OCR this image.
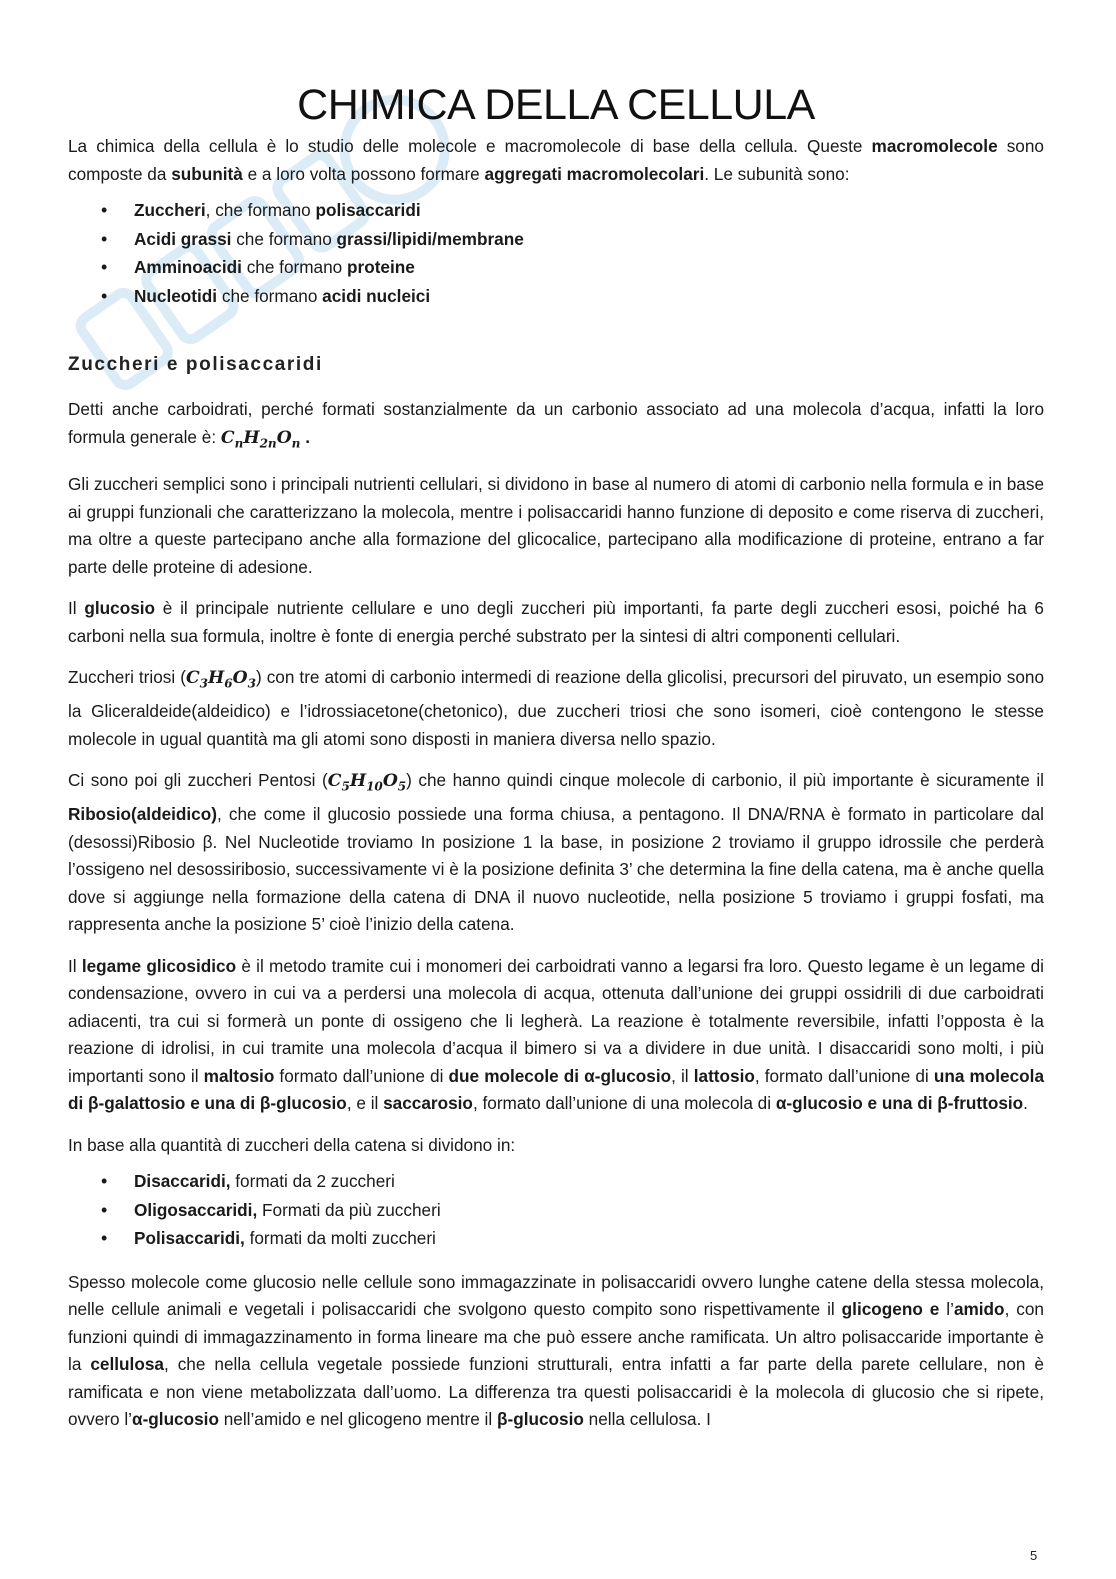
CHIMICA DELLA CELLULA

La chimica della cellula è lo studio delle molecole e macromolecole di base della cellula. Queste macromolecole sono composte da subunità e a loro volta possono formare aggregati macromolecolari. Le subunità sono:

• Zuccheri, che formano polisaccaridi
• Acidi grassi che formano grassi/lipidi/membrane
• Amminoacidi che formano proteine
• Nucleotidi che formano acidi nucleici
Zuccheri e polisaccaridi

Detti anche carboidrati, perché formati sostanzialmente da un carbonio associato ad una molecola d’acqua, infatti la loro formula generale è: $C_nH_{2n}O_n$ .

Gli zuccheri semplici sono i principali nutrienti cellulari, si dividono in base al numero di atomi di carbonio nella formula e in base ai gruppi funzionali che caratterizzano la molecola, mentre i polisaccaridi hanno funzione di deposito e come riserva di zuccheri, ma oltre a queste partecipano anche alla formazione del glicocalice, partecipano alla modificazione di proteine, entrano a far parte delle proteine di adesione.

Il glucosio è il principale nutriente cellulare e uno degli zuccheri più importanti, fa parte degli zuccheri esosi, poiché ha 6 carboni nella sua formula, inoltre è fonte di energia perché substrato per la sintesi di altri componenti cellulari.

Zuccheri triosi $(C_3H_6O_3)$ con tre atomi di carbonio intermedi di reazione della glicolisi, precursori del piruvato, un esempio sono la Gliceraldeide(aldeidico) e l’idrossiacetone(chetonico), due zuccheri triosi che sono isomeri, cioè contengono le stesse molecole in ugual quantità ma gli atomi sono disposti in maniera diversa nello spazio.

Ci sono poi gli zuccheri Pentosi $(C_5H_{10}O_5)$ che hanno quindi cinque molecole di carbonio, il più importante è sicuramente il Ribosio(aldeidico), che come il glucosio possiede una forma chiusa, a pentagono. Il DNA/RNA è formato in particolare dal (desossi)Ribosio β. Nel Nucleotide troviamo In posizione 1 la base, in posizione 2 troviamo il gruppo idrossile che perderà l’ossigeno nel desossiribosio, successivamente vi è la posizione definita 3’ che determina la fine della catena, ma è anche quella dove si aggiunge nella formazione della catena di DNA il nuovo nucleotide, nella posizione 5 troviamo i gruppi fosfati, ma rappresenta anche la posizione 5’ cioè l’inizio della catena.

Il legame glicosidico è il metodo tramite cui i monomeri dei carboidrati vanno a legarsi fra loro. Questo legame è un legame di condensazione, ovvero in cui va a perdersi una molecola di acqua, ottenuta dall’unione dei gruppi ossidrili di due carboidrati adiacenti, tra cui si formerà un ponte di ossigeno che li legherà. La reazione è totalmente reversibile, infatti l’opposta è la reazione di idrolisi, in cui tramite una molecola d’acqua il bimero si va a dividere in due unità. I disaccaridi sono molti, i più importanti sono il maltosio formato dall’unione di due molecole di α-glucosio, il lattosio, formato dall’unione di una molecola di β-galattosio e una di β-glucosio, e il saccarosio, formato dall’unione di una molecola di α-glucosio e una di β-fruttosio.

In base alla quantità di zuccheri della catena si dividono in:

• Disaccaridi, formati da 2 zuccheri
• Oligosaccaridi, Formati da più zuccheri
• Polisaccaridi, formati da molti zuccheri

Spesso molecole come glucosio nelle cellule sono immagazzinate in polisaccaridi ovvero lunghe catene della stessa molecola, nelle cellule animali e vegetali i polisaccaridi che svolgono questo compito sono rispettivamente il glicogeno e l’amido, con funzioni quindi di immagazzinamento in forma lineare ma che può essere anche ramificata. Un altro polisaccaride importante è la cellulosa, che nella cellula vegetale possiede funzioni strutturali, entra infatti a far parte della parete cellulare, non è ramificata e non viene metabolizzata dall’uomo. La differenza tra questi polisaccaridi è la molecola di glucosio che si ripete, ovvero l’α-glucosio nell’amido e nel glicogeno mentre il β-glucosio nella cellulosa. I

5
